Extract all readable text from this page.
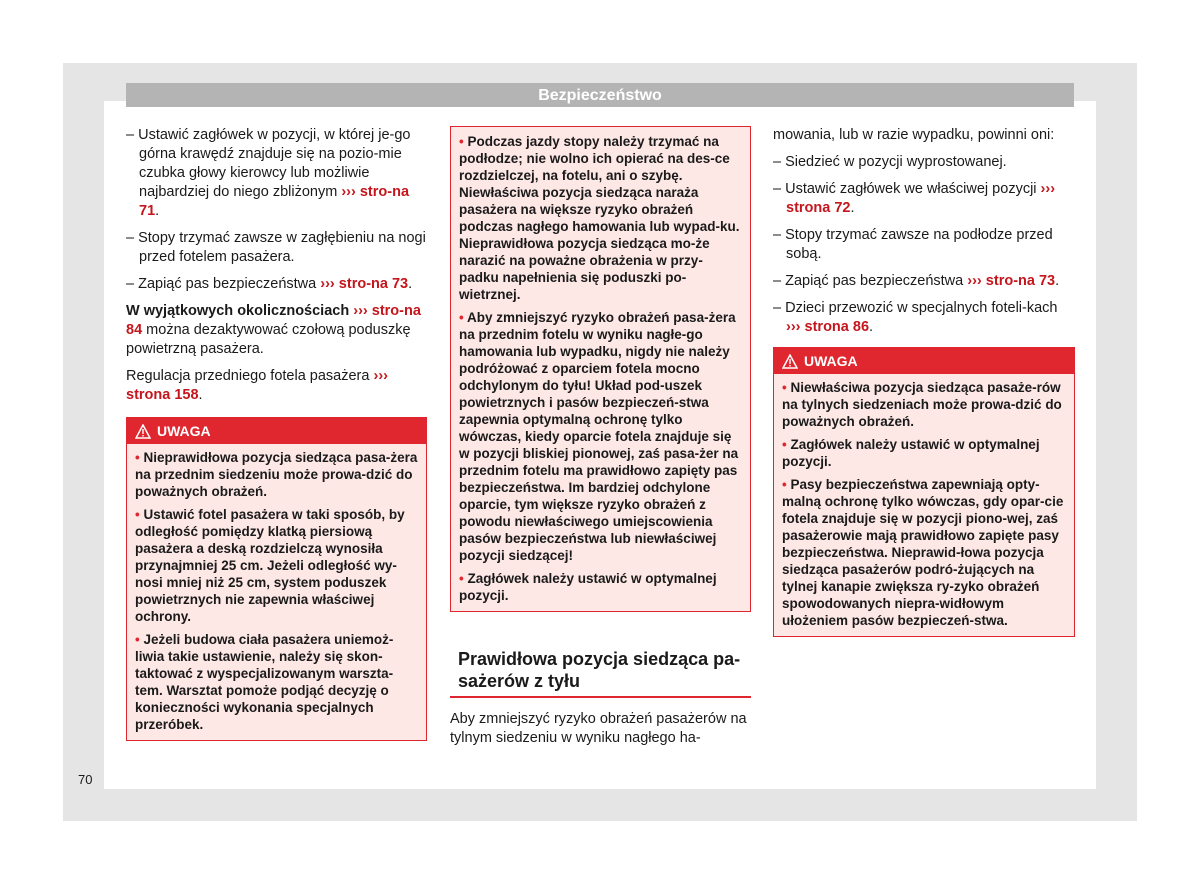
Bezpieczeństwo

– Ustawić zagłówek w pozycji, w której je-go górna krawędź znajduje się na pozio-mie czubka głowy kierowcy lub możliwie najbardziej do niego zbliżonym ››› stro-na 71.

– Stopy trzymać zawsze w zagłębieniu na nogi przed fotelem pasażera.

– Zapiąć pas bezpieczeństwa ››› stro-na 73.

W wyjątkowych okolicznościach ››› stro-na 84 można dezaktywować czołową poduszkę powietrzną pasażera.

Regulacja przedniego fotela pasażera ››› strona 158.

UWAGA

• Nieprawidłowa pozycja siedząca pasa-żera na przednim siedzeniu może prowa-dzić do poważnych obrażeń.

• Ustawić fotel pasażera w taki sposób, by odległość pomiędzy klatką piersiową pasażera a deską rozdzielczą wynosiła przynajmniej 25 cm. Jeżeli odległość wy-nosi mniej niż 25 cm, system poduszek powietrznych nie zapewnia właściwej ochrony.

• Jeżeli budowa ciała pasażera uniemoż-liwia takie ustawienie, należy się skon-taktować z wyspecjalizowanym warszta-tem. Warsztat pomoże podjąć decyzję o konieczności wykonania specjalnych przeróbek.

• Podczas jazdy stopy należy trzymać na podłodze; nie wolno ich opierać na des-ce rozdzielczej, na fotelu, ani o szybę. Niewłaściwa pozycja siedząca naraża pasażera na większe ryzyko obrażeń podczas nagłego hamowania lub wypad-ku. Nieprawidłowa pozycja siedząca mo-że narazić na poważne obrażenia w przy-padku napełnienia się poduszki po-wietrznej.

• Aby zmniejszyć ryzyko obrażeń pasa-żera na przednim fotelu w wyniku nagłe-go hamowania lub wypadku, nigdy nie należy podróżować z oparciem fotela mocno odchylonym do tyłu! Układ pod-uszek powietrznych i pasów bezpieczeń-stwa zapewnia optymalną ochronę tylko wówczas, kiedy oparcie fotela znajduje się w pozycji bliskiej pionowej, zaś pasa-żer na przednim fotelu ma prawidłowo zapięty pas bezpieczeństwa. Im bardziej odchylone oparcie, tym większe ryzyko obrażeń z powodu niewłaściwego umiejscowienia pasów bezpieczeństwa lub niewłaściwej pozycji siedzącej!

• Zagłówek należy ustawić w optymalnej pozycji.

Prawidłowa pozycja siedząca pa-sażerów z tyłu

Aby zmniejszyć ryzyko obrażeń pasażerów na tylnym siedzeniu w wyniku nagłego ha-

mowania, lub w razie wypadku, powinni oni:

– Siedzieć w pozycji wyprostowanej.

– Ustawić zagłówek we właściwej pozycji ››› strona 72.

– Stopy trzymać zawsze na podłodze przed sobą.

– Zapiąć pas bezpieczeństwa ››› stro-na 73.

– Dzieci przewozić w specjalnych foteli-kach ››› strona 86.

UWAGA

• Niewłaściwa pozycja siedząca pasaże-rów na tylnych siedzeniach może prowa-dzić do poważnych obrażeń.

• Zagłówek należy ustawić w optymalnej pozycji.

• Pasy bezpieczeństwa zapewniają opty-malną ochronę tylko wówczas, gdy opar-cie fotela znajduje się w pozycji piono-wej, zaś pasażerowie mają prawidłowo zapięte pasy bezpieczeństwa. Nieprawid-łowa pozycja siedząca pasażerów podró-żujących na tylnej kanapie zwiększa ry-zyko obrażeń spowodowanych niepra-widłowym ułożeniem pasów bezpieczeń-stwa.

70
